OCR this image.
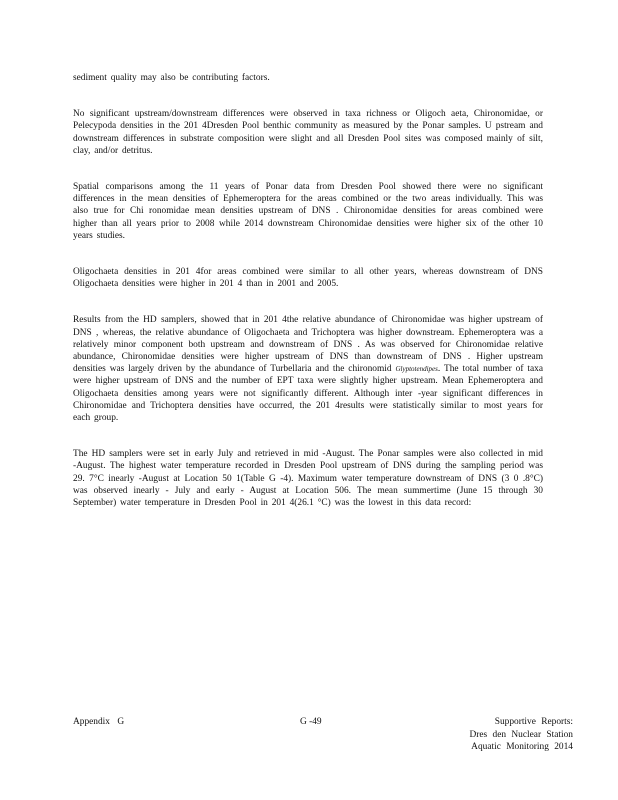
sediment quality may also be contributing factors.

No significant upstream/downstream differences were observed in taxa richness or Oligoch aeta, Chironomidae, or Pelecypoda densities in the 201 4Dresden Pool benthic community as measured by the Ponar samples. U pstream and downstream differences in substrate composition were slight and all Dresden Pool sites was composed mainly of silt, clay, and/or detritus.

Spatial comparisons among the 11 years of Ponar data from Dresden Pool showed there were no significant differences in the mean densities of Ephemeroptera for the areas combined or the two areas individually. This was also true for Chi ronomidae mean densities upstream of DNS . Chironomidae densities for areas combined were higher than all years prior to 2008 while 2014 downstream Chironomidae densities were higher six of the other 10 years studies.

Oligochaeta densities in 201 4for areas combined were similar to all other years, whereas downstream of DNS Oligochaeta densities were higher in 201 4 than in 2001 and 2005.

Results from the HD samplers, showed that in 201 4the relative abundance of Chironomidae was higher upstream of DNS , whereas, the relative abundance of Oligochaeta and Trichoptera was higher downstream. Ephemeroptera was a relatively minor component both upstream and downstream of DNS . As was observed for Chironomidae relative abundance, Chironomidae densities were higher upstream of DNS than downstream of DNS . Higher upstream densities was largely driven by the abundance of Turbellaria and the chironomid Glyptotendipes. The total number of taxa were higher upstream of DNS and the number of EPT taxa were slightly higher upstream. Mean Ephemeroptera and Oligochaeta densities among years were not significantly different. Although inter -year significant differences in Chironomidae and Trichoptera densities have occurred, the 201 4results were statistically similar to most years for each group.

The HD samplers were set in early July and retrieved in mid -August. The Ponar samples were also collected in mid -August. The highest water temperature recorded in Dresden Pool upstream of DNS during the sampling period was 29. 7°C inearly -August at Location 50 1(Table G -4). Maximum water temperature downstream of DNS (3 0 .8°C) was observed inearly - July and early - August at Location 506. The mean summertime (June 15 through 30 September) water temperature in Dresden Pool in 201 4(26.1 °C) was the lowest in this data record:

Appendix G	G -49	Supportive Reports:
Dres den Nuclear Station
Aquatic Monitoring 2014
